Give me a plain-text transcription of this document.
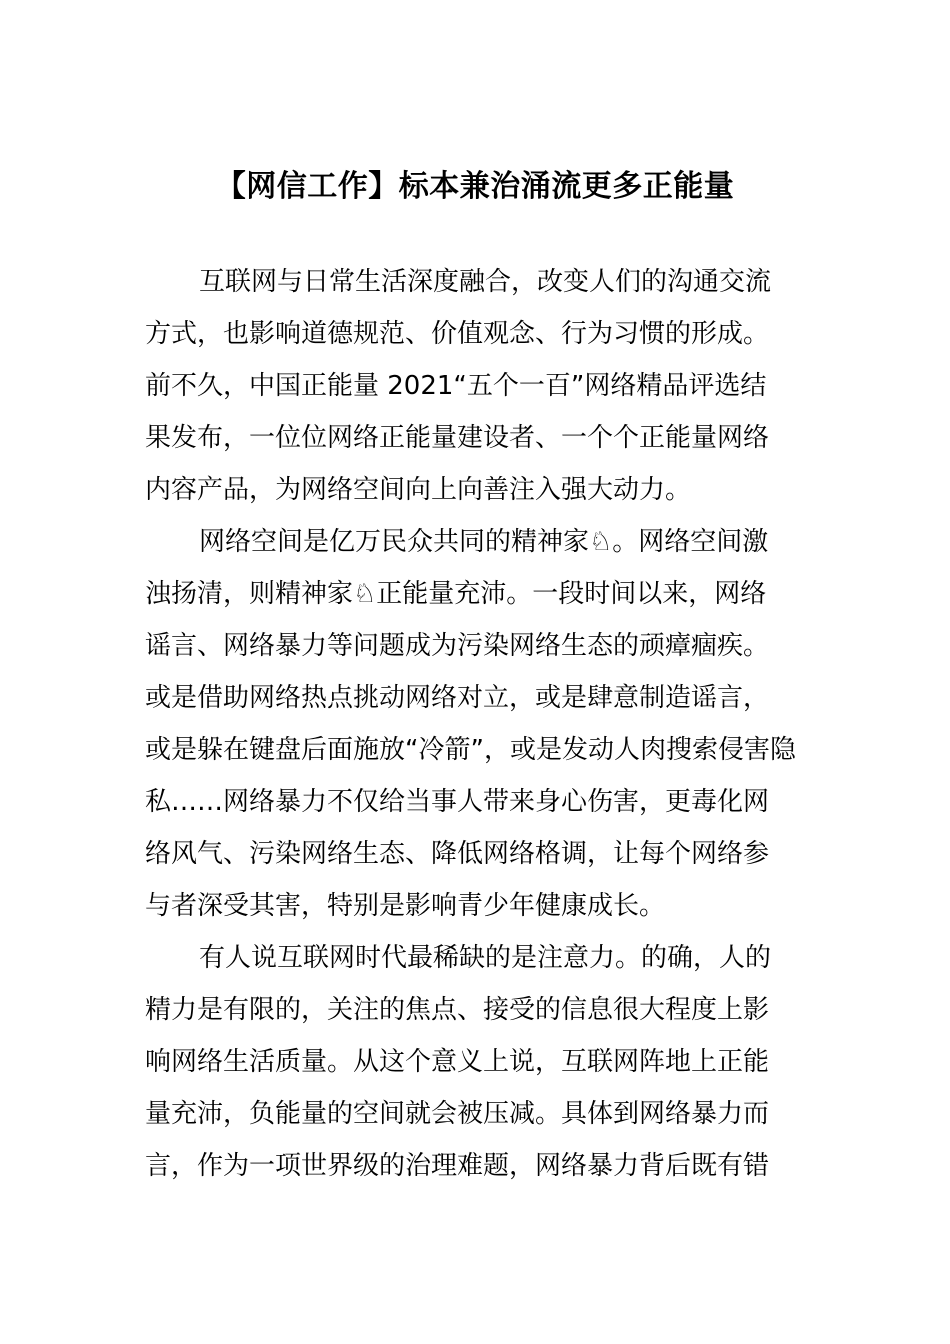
【网信工作】标本兼治涌流更多正能量
互联网与日常生活深度融合，改变人们的沟通交流
方式，也影响道德规范、价值观念、行为习惯的形成。
前不久，中国正能量 2021“五个一百”网络精品评选结
果发布，一位位网络正能量建设者、一个个正能量网络
内容产品，为网络空间向上向善注入强大动力。
网络空间是亿万民众共同的精神家♘。网络空间激
浊扬清，则精神家♘正能量充沛。一段时间以来，网络
谣言、网络暴力等问题成为污染网络生态的顽瘴痼疾。
或是借助网络热点挑动网络对立，或是肆意制造谣言，
或是躲在键盘后面施放“冷箭”，或是发动人肉搜索侵害隐
私……网络暴力不仅给当事人带来身心伤害，更毒化网
络风气、污染网络生态、降低网络格调，让每个网络参
与者深受其害，特别是影响青少年健康成长。
有人说互联网时代最稀缺的是注意力。的确，人的
精力是有限的，关注的焦点、接受的信息很大程度上影
响网络生活质量。从这个意义上说，互联网阵地上正能
量充沛，负能量的空间就会被压减。具体到网络暴力而
言，作为一项世界级的治理难题，网络暴力背后既有错
